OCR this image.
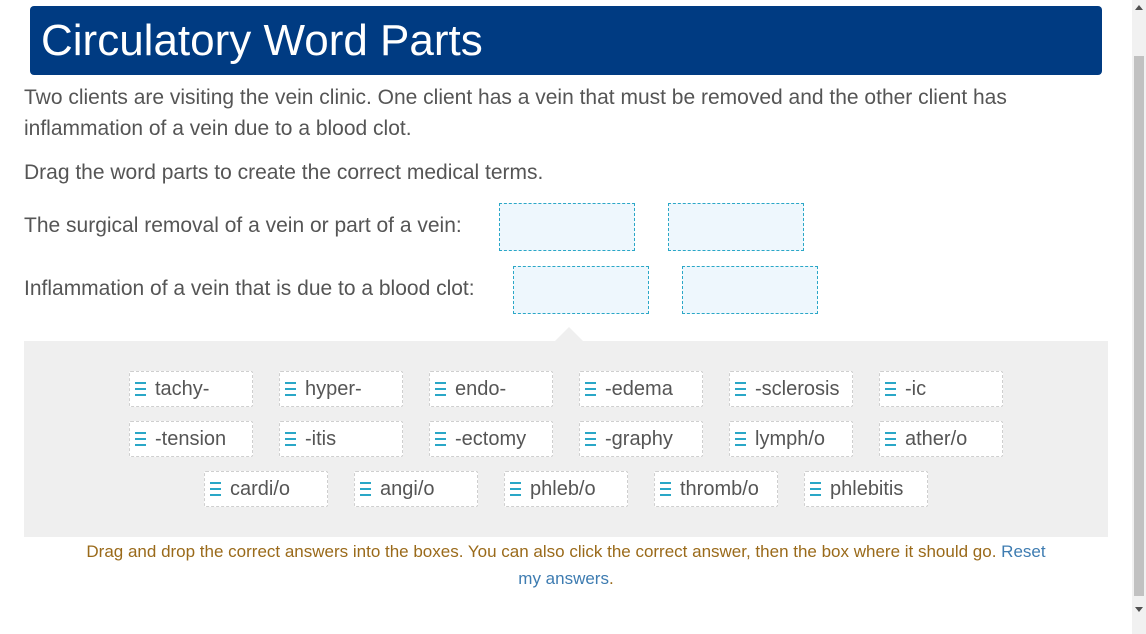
Circulatory Word Parts
Two clients are visiting the vein clinic. One client has a vein that must be removed and the other client has
inflammation of a vein due to a blood clot.
Drag the word parts to create the correct medical terms.
The surgical removal of a vein or part of a vein:
Inflammation of a vein that is due to a blood clot:
tachy-	hyper-	endo-	-edema	-sclerosis	-ic
-tension	-itis	-ectomy	-graphy	lymph/o	ather/o
cardi/o	angi/o	phleb/o	thromb/o	phlebitis
Drag and drop the correct answers into the boxes. You can also click the correct answer, then the box where it should go. Reset
my answers.
